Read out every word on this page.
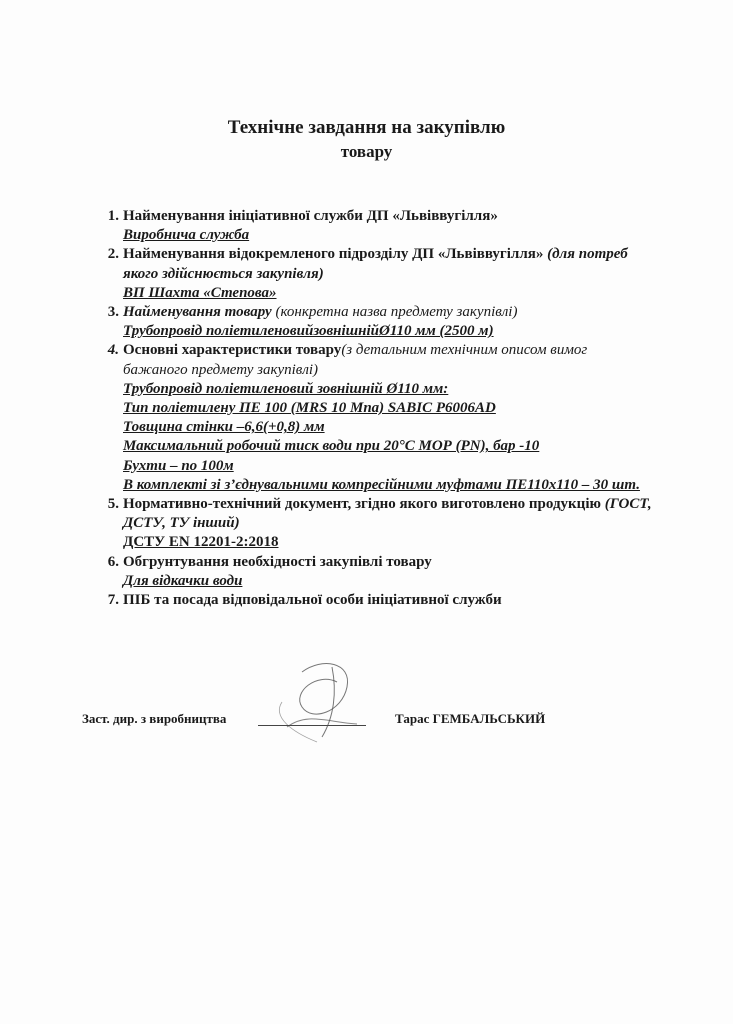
Технічне завдання на закупівлю
товару
1. Найменування ініціативної служби ДП «Львіввугілля»
Виробнича служба
2. Найменування відокремленого підрозділу ДП «Львіввугілля» (для потреб якого здійснюється закупівля)
ВП Шахта «Степова»
3. Найменування товару (конкретна назва предмету закупівлі)
Трубопровід поліетиленовийзовнішнійØ110 мм (2500 м)
4. Основні характеристики товару(з детальним технічним описом вимог бажаного предмету закупівлі)
Трубопровід поліетиленовий зовнішній Ø110 мм:
Тип поліетилену ПЕ 100 (MRS 10 Мпа) SABIC P6006AD
Товщина стінки –6,6(+0,8) мм
Максимальний робочий тиск води при 20°С МОР (PN), бар -10
Бухти – по 100м
В комплекті зі з’єднувальними компресійними муфтами ПЕ110х110 – 30 шт.
5. Нормативно-технічний документ, згідно якого виготовлено продукцію (ГОСТ, ДСТУ, ТУ інший)
ДСТУ EN 12201-2:2018
6. Обгрунтування необхідності закупівлі товару
Для відкачки води
7. ПІБ та посада відповідальної особи ініціативної служби
Заст. дир. з виробництва	Тарас ГЕМБАЛЬСЬКИЙ
